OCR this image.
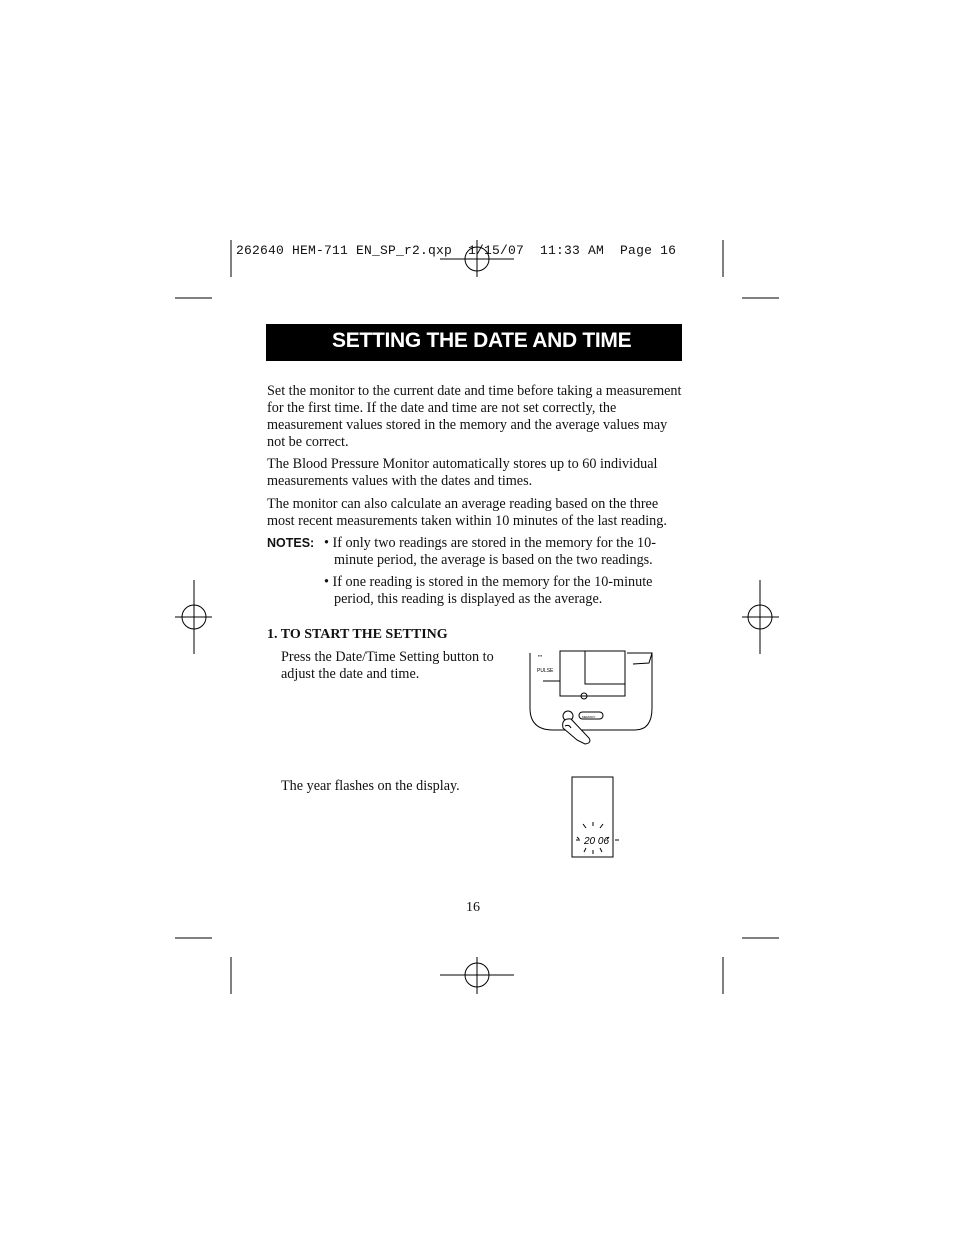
262640 HEM-711 EN_SP_r2.qxp  1/15/07  11:33 AM  Page 16
SETTING THE DATE AND TIME
Set the monitor to the current date and time before taking a measurement for the first time. If the date and time are not set correctly, the measurement values stored in the memory and the average values may not be correct.
The Blood Pressure Monitor automatically stores up to 60 individual measurements values with the dates and times.
The monitor can also calculate an average reading based on the three most recent measurements taken within 10 minutes of the last reading.
NOTES: • If only two readings are stored in the memory for the 10-minute period, the average is based on the two readings.
• If one reading is stored in the memory for the 10-minute period, this reading is displayed as the average.
1. TO START THE SETTING
Press the Date/Time Setting button to adjust the date and time.
The year flashes on the display.
▪▪▪
PULSE
MEMORY
20 06
16
